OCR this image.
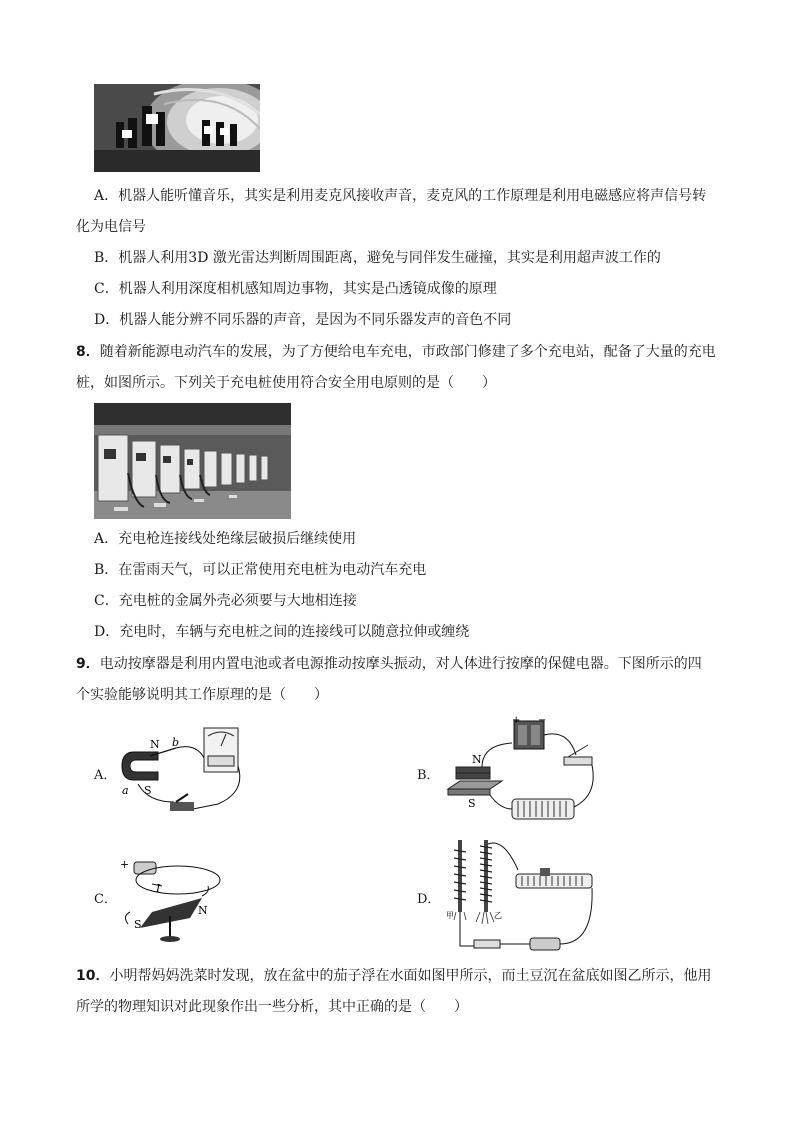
A．机器人能听懂音乐，其实是利用麦克风接收声音，麦克风的工作原理是利用电磁感应将声信号转
化为电信号
B．机器人利用3D 激光雷达判断周围距离，避免与同伴发生碰撞，其实是利用超声波工作的
C．机器人利用深度相机感知周边事物，其实是凸透镜成像的原理
D．机器人能分辨不同乐器的声音，是因为不同乐器发声的音色不同
8．随着新能源电动汽车的发展，为了方便给电车充电，市政部门修建了多个充电站，配备了大量的充电
桩，如图所示。下列关于充电桩使用符合安全用电原则的是（　　）
A．充电枪连接线处绝缘层破损后继续使用
B．在雷雨天气，可以正常使用充电桩为电动汽车充电
C．充电桩的金属外壳必须要与大地相连接
D．充电时，车辆与充电桩之间的连接线可以随意拉伸或缠绕
9．电动按摩器是利用内置电池或者电源推动按摩头振动，对人体进行按摩的保健电器。下图所示的四
个实验能够说明其工作原理的是（　　）
A．
N b
a S
B．
N
S
+ −
C．
+
I
N
S
D．
甲	乙
10．小明帮妈妈洗菜时发现，放在盆中的茄子浮在水面如图甲所示，而土豆沉在盆底如图乙所示，他用
所学的物理知识对此现象作出一些分析，其中正确的是（　　）
